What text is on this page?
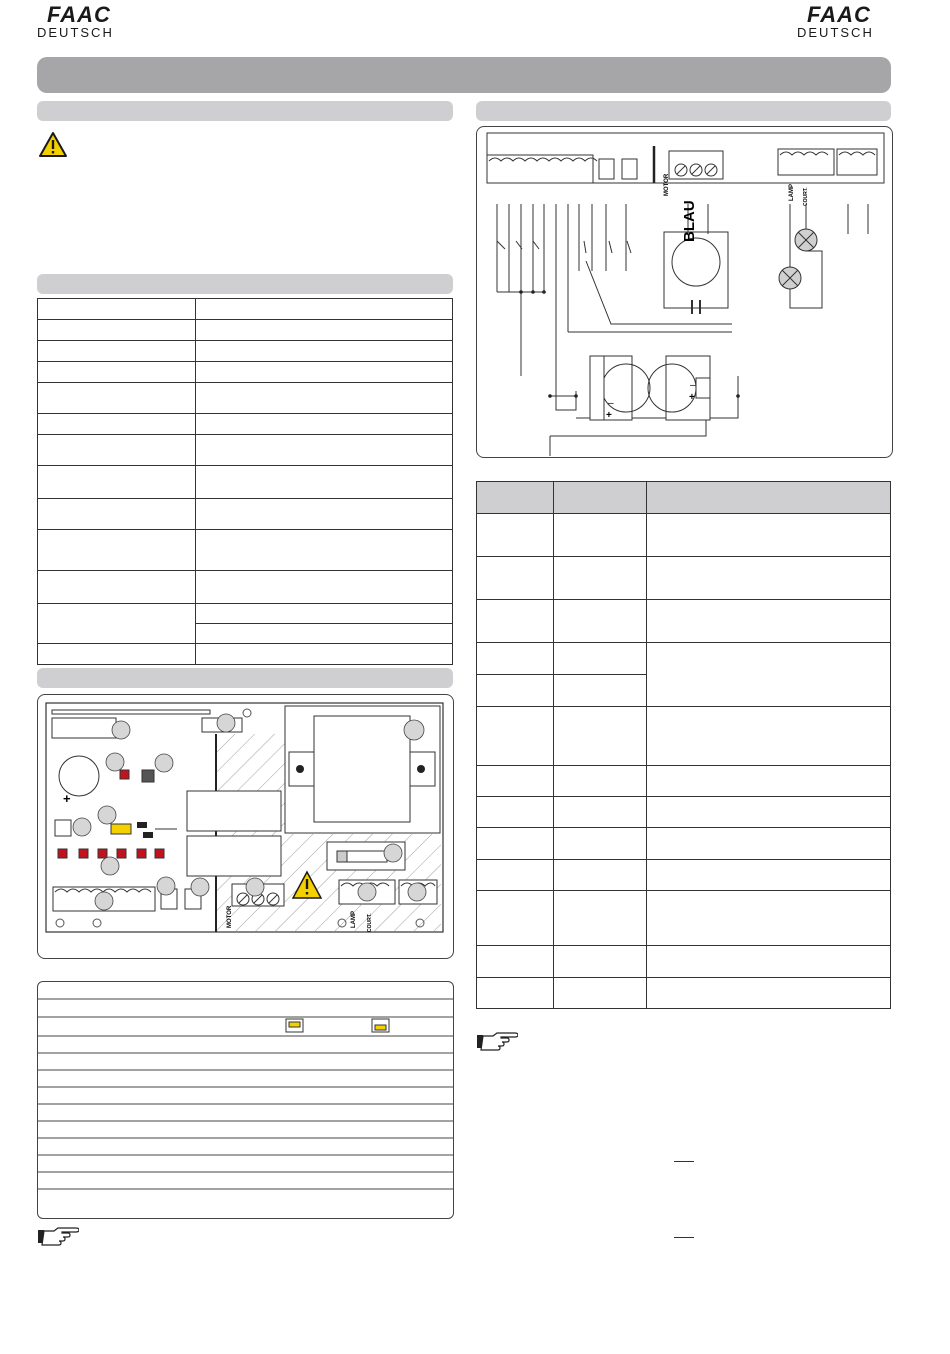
FAAC
DEUTSCH
FAAC
DEUTSCH

+
MOTOR	LAMP COURT.
MOTOR	LAMP COURT.
BLAU
–
+
–
+
